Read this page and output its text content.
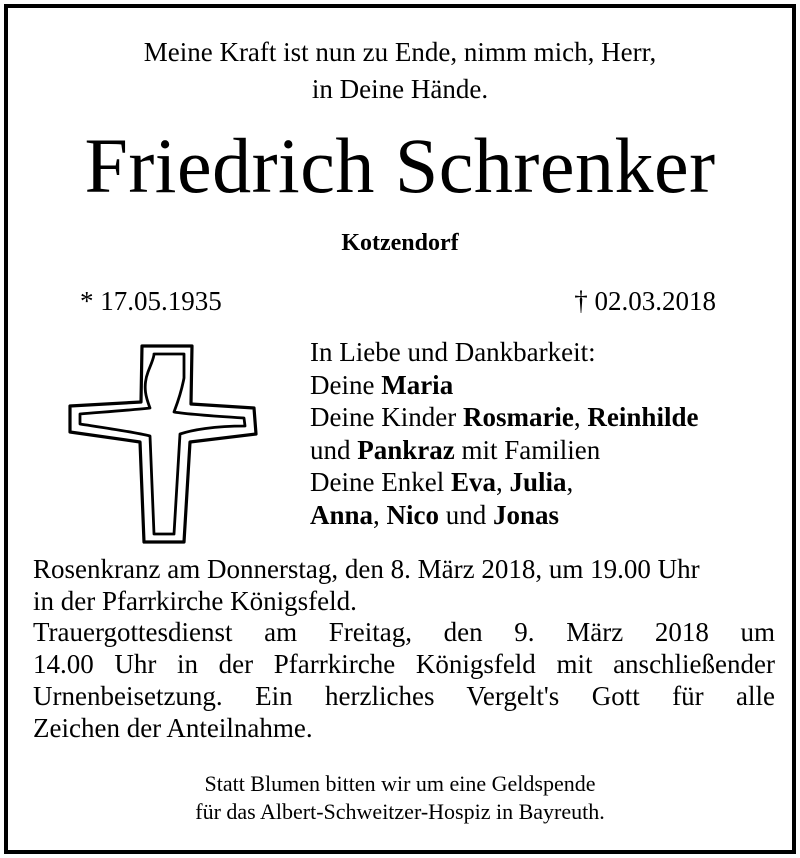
Meine Kraft ist nun zu Ende, nimm mich, Herr,
in Deine Hände.
Friedrich Schrenker
Kotzendorf
* 17.05.1935	† 02.03.2018
In Liebe und Dankbarkeit:
Deine Maria
Deine Kinder Rosmarie, Reinhilde
und Pankraz mit Familien
Deine Enkel Eva, Julia,
Anna, Nico und Jonas

Rosenkranz am Donnerstag, den 8. März 2018, um 19.00 Uhr

in der Pfarrkirche Königsfeld.

Trauergottesdienst am Freitag, den 9. März 2018 um

14.00 Uhr in der Pfarrkirche Königsfeld mit anschließender

Urnenbeisetzung. Ein herzliches Vergelt's Gott für alle

Zeichen der Anteilnahme.

Statt Blumen bitten wir um eine Geldspende
für das Albert-Schweitzer-Hospiz in Bayreuth.
